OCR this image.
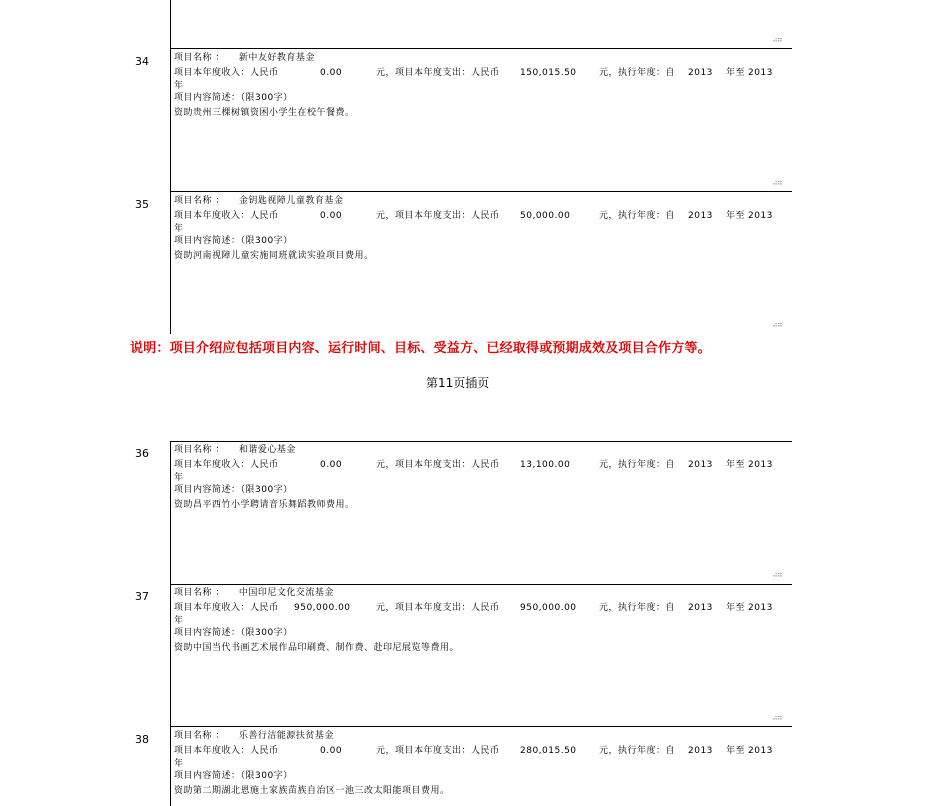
⠴⠶
⠴⠶
⠴⠶
⠴⠶
⠴⠶
34	项目名称 ： 新中友好教育基金
项目本年度收入：人民币	0.00	元，项目本年度支出：人民币 150,015.50 元，执行年度：自 2013 年至 2013
年
项目内容简述：（限300字）
资助贵州三棵树镇资困小学生在校午餐费。
35	项目名称 ： 金钥匙视障儿童教育基金
项目本年度收入：人民币	0.00	元，项目本年度支出：人民币 50,000.00	元，执行年度：自 2013 年至 2013
年
项目内容简述：（限300字）
资助河南视障儿童实施同班就读实验项目费用。
说明：项目介绍应包括项目内容、运行时间、目标、受益方、已经取得或预期成效及项目合作方等。
第11页插页
36	项目名称 ： 和谐爱心基金
项目本年度收入：人民币	0.00	元，项目本年度支出：人民币 13,100.00	元，执行年度：自 2013 年至 2013
年
项目内容简述：（限300字）
资助昌平西竹小学聘请音乐舞蹈教师费用。
37	项目名称 ： 中国印尼文化交流基金
项目本年度收入：人民币 950,000.00	元，项目本年度支出：人民币 950,000.00 元，执行年度：自 2013 年至 2013
年
项目内容简述：（限300字）
资助中国当代书画艺术展作品印刷费、制作费、赴印尼展览等费用。
38	项目名称 ： 乐善行洁能源扶贫基金
项目本年度收入：人民币	0.00	元，项目本年度支出：人民币 280,015.50 元，执行年度：自 2013 年至 2013
年
项目内容简述：（限300字）
资助第二期湖北恩施土家族苗族自治区一池三改太阳能项目费用。
